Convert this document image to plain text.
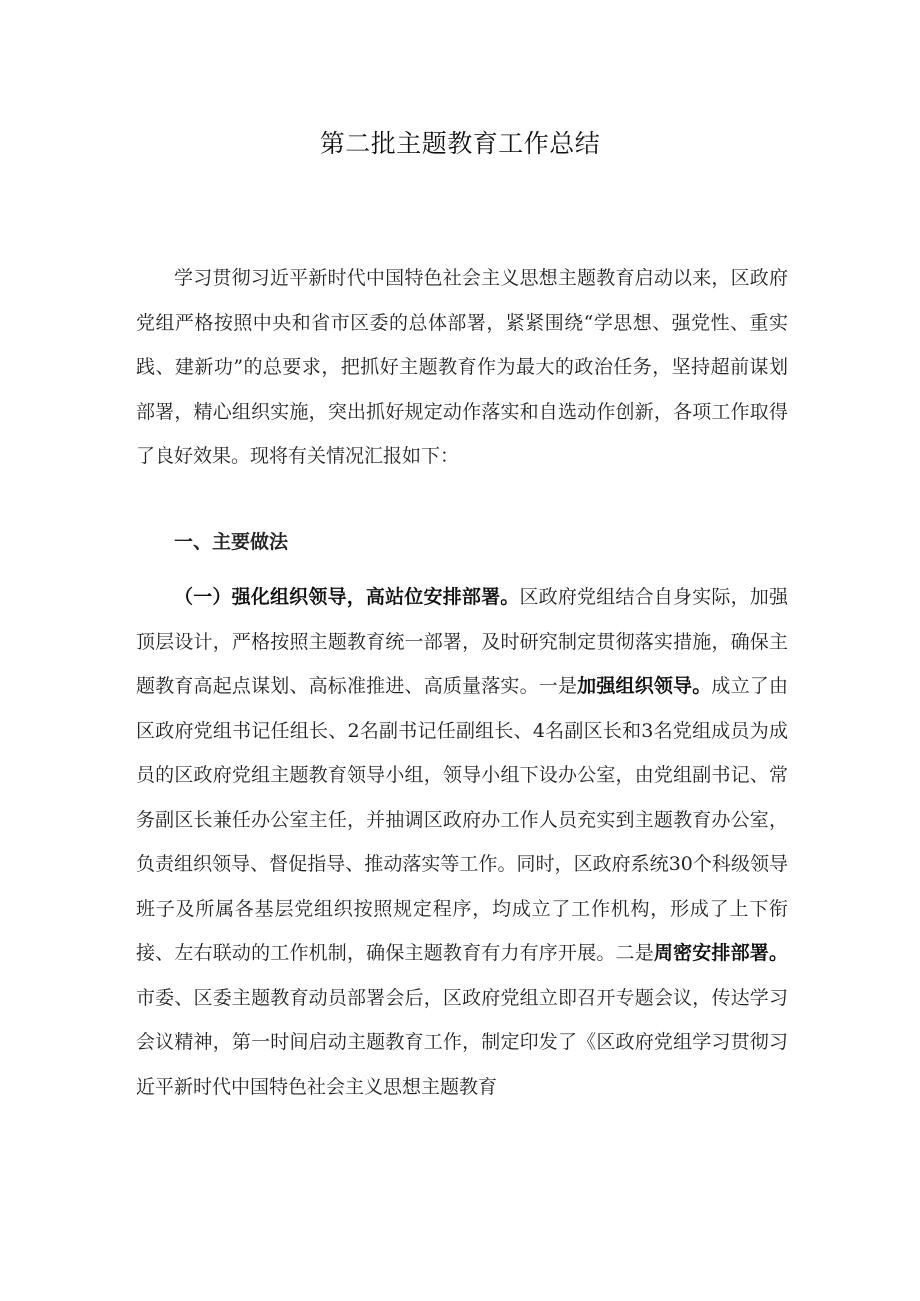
第二批主题教育工作总结

学习贯彻习近平新时代中国特色社会主义思想主题教育启动以来，区政府党组严格按照中央和省市区委的总体部署，紧紧围绕“学思想、强党性、重实践、建新功”的总要求，把抓好主题教育作为最大的政治任务，坚持超前谋划部署，精心组织实施，突出抓好规定动作落实和自选动作创新，各项工作取得了良好效果。现将有关情况汇报如下：

一、主要做法

（一）强化组织领导，高站位安排部署。区政府党组结合自身实际，加强顶层设计，严格按照主题教育统一部署，及时研究制定贯彻落实措施，确保主题教育高起点谋划、高标准推进、高质量落实。一是加强组织领导。成立了由区政府党组书记任组长、2名副书记任副组长、4名副区长和3名党组成员为成员的区政府党组主题教育领导小组，领导小组下设办公室，由党组副书记、常务副区长兼任办公室主任，并抽调区政府办工作人员充实到主题教育办公室，负责组织领导、督促指导、推动落实等工作。同时，区政府系统30个科级领导班子及所属各基层党组织按照规定程序，均成立了工作机构，形成了上下衔接、左右联动的工作机制，确保主题教育有力有序开展。二是周密安排部署。市委、区委主题教育动员部署会后，区政府党组立即召开专题会议，传达学习会议精神，第一时间启动主题教育工作，制定印发了《区政府党组学习贯彻习近平新时代中国特色社会主义思想主题教育
